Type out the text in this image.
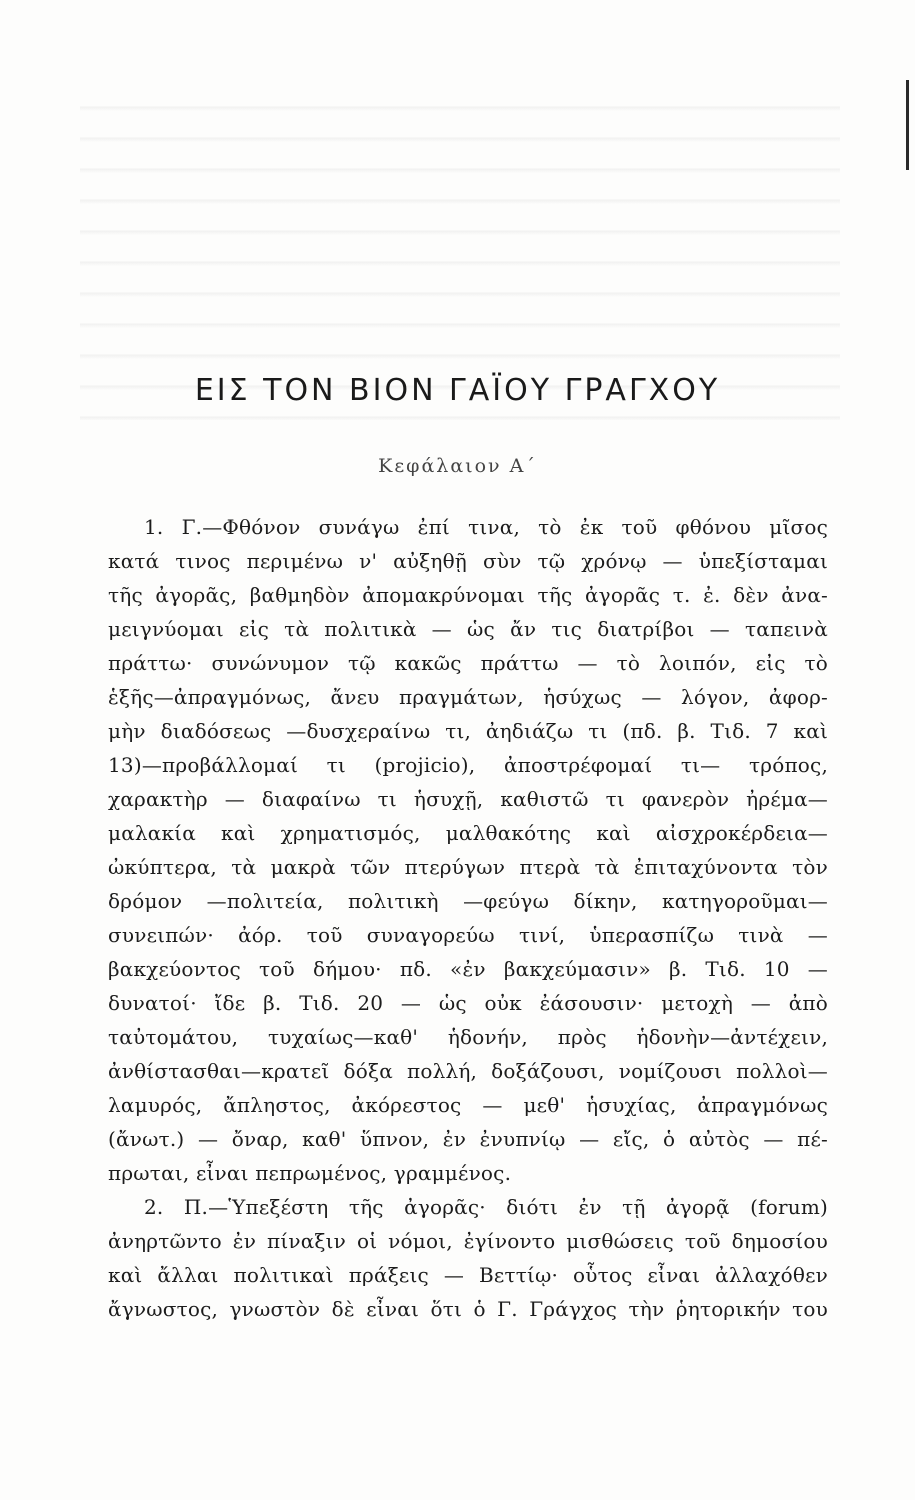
ΕΙΣ ΤΟΝ ΒΙΟΝ ΓΑΪΟΥ ΓΡΑΓΧΟΥ
Κεφάλαιον Α΄
1. Γ.—Φθόνον συνάγω ἐπί τινα, τὸ ἐκ τοῦ φθόνου μῖσος
κατά τινος περιμένω ν' αὐξηθῇ σὺν τῷ χρόνῳ — ὑπεξίσταμαι
τῆς ἀγορᾶς, βαθμηδὸν ἀπομακρύνομαι τῆς ἀγορᾶς τ. ἐ. δὲν ἀνα-
μειγνύομαι εἰς τὰ πολιτικὰ — ὡς ἄν τις διατρίβοι — ταπεινὰ
πράττω· συνώνυμον τῷ κακῶς πράττω — τὸ λοιπόν, εἰς τὸ
ἑξῆς—ἀπραγμόνως, ἄνευ πραγμάτων, ἡσύχως — λόγον, ἀφορ-
μὴν διαδόσεως —δυσχεραίνω τι, ἀηδιάζω τι (πδ. β. Τιδ. 7 καὶ
13)—προβάλλομαί τι (projicio), ἀποστρέφομαί τι— τρόπος,
χαρακτὴρ — διαφαίνω τι ἡσυχῇ, καθιστῶ τι φανερὸν ἠρέμα—
μαλακία καὶ χρηματισμός, μαλθακότης καὶ αἰσχροκέρδεια—
ὠκύπτερα, τὰ μακρὰ τῶν πτερύγων πτερὰ τὰ ἐπιταχύνοντα τὸν
δρόμον —πολιτεία, πολιτικὴ —φεύγω δίκην, κατηγοροῦμαι—
συνειπών· ἀόρ. τοῦ συναγορεύω τινί, ὑπερασπίζω τινὰ —
βακχεύοντος τοῦ δήμου· πδ. «ἐν βακχεύμασιν» β. Τιδ. 10 —
δυνατοί· ἴδε β. Τιδ. 20 — ὡς οὐκ ἐάσουσιν· μετοχὴ — ἀπὸ
ταὐτομάτου, τυχαίως—καθ' ἡδονήν, πρὸς ἡδονὴν—ἀντέχειν,
ἀνθίστασθαι—κρατεῖ δόξα πολλή, δοξάζουσι, νομίζουσι πολλοὶ—
λαμυρός, ἄπληστος, ἀκόρεστος — μεθ' ἡσυχίας, ἀπραγμόνως
(ἄνωτ.) — ὄναρ, καθ' ὕπνον, ἐν ἐνυπνίῳ — εἴς, ὁ αὐτὸς — πέ-
πρωται, εἶναι πεπρωμένος, γραμμένος.
2. Π.—Ὑπεξέστη τῆς ἀγορᾶς· διότι ἐν τῇ ἀγορᾷ (forum)
ἀνηρτῶντο ἐν πίναξιν οἱ νόμοι, ἐγίνοντο μισθώσεις τοῦ δημοσίου
καὶ ἄλλαι πολιτικαὶ πράξεις — Βεττίῳ· οὗτος εἶναι ἀλλαχόθεν
ἄγνωστος, γνωστὸν δὲ εἶναι ὅτι ὁ Γ. Γράγχος τὴν ῥητορικήν του
